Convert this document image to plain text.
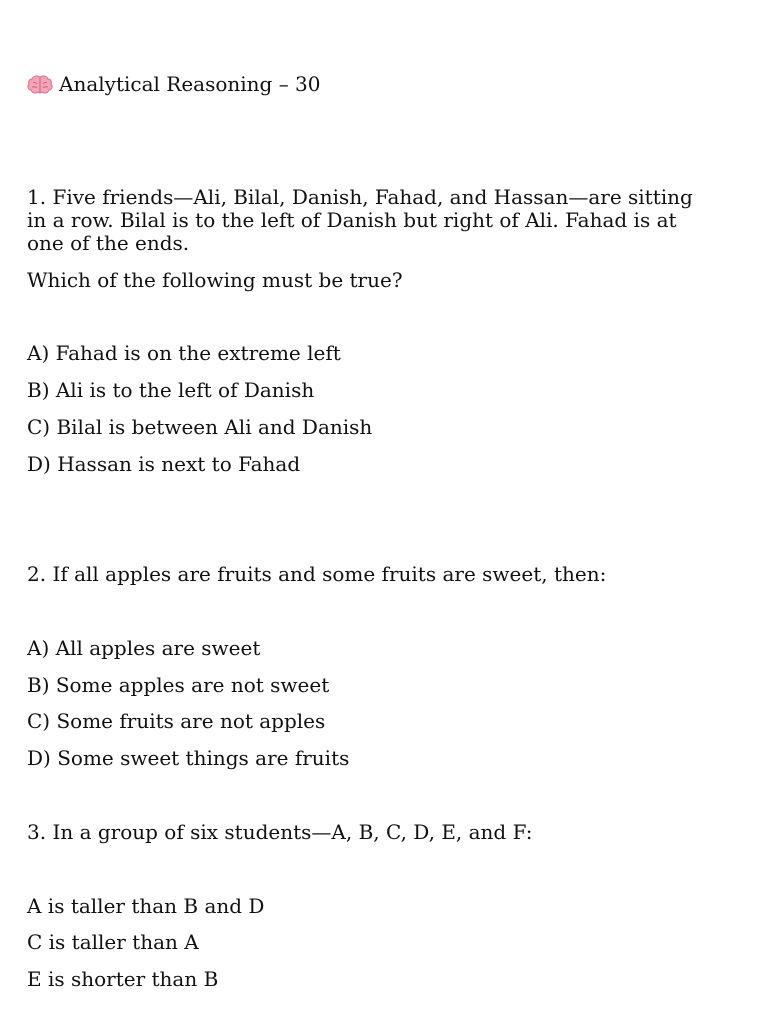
Analytical Reasoning – 30
1. Five friends—Ali, Bilal, Danish, Fahad, and Hassan—are sitting in a row. Bilal is to the left of Danish but right of Ali. Fahad is at one of the ends.
Which of the following must be true?
A) Fahad is on the extreme left
B) Ali is to the left of Danish
C) Bilal is between Ali and Danish
D) Hassan is next to Fahad
2. If all apples are fruits and some fruits are sweet, then:
A) All apples are sweet
B) Some apples are not sweet
C) Some fruits are not apples
D) Some sweet things are fruits
3. In a group of six students—A, B, C, D, E, and F:
A is taller than B and D
C is taller than A
E is shorter than B
